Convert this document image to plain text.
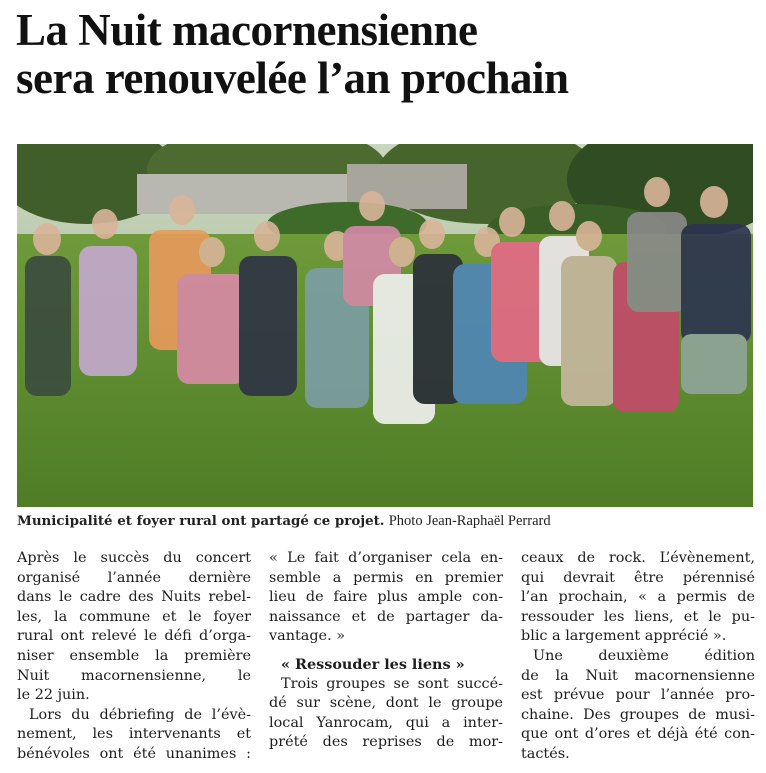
La Nuit macornensienne
sera renouvelée l’an prochain
Municipalité et foyer rural ont partagé ce projet. Photo Jean-Raphaël Perrard
Après le succès du concert
organisé l’année dernière
dans le cadre des Nuits rebel-
les, la commune et le foyer
rural ont relevé le défi d’orga-
niser ensemble la première
Nuit macornensienne, le
le 22 juin.
Lors du débriefing de l’évè-
nement, les intervenants et
bénévoles ont été unanimes :
« Le fait d’organiser cela en-
semble a permis en premier
lieu de faire plus ample con-
naissance et de partager da-
vantage. »
« Ressouder les liens »
Trois groupes se sont succé-
dé sur scène, dont le groupe
local Yanrocam, qui a inter-
prété des reprises de mor-
ceaux de rock. L’évènement,
qui devrait être pérennisé
l’an prochain, « a permis de
ressouder les liens, et le pu-
blic a largement apprécié ».
Une deuxième édition
de la Nuit macornensienne
est prévue pour l’année pro-
chaine. Des groupes de musi-
que ont d’ores et déjà été con-
tactés.
